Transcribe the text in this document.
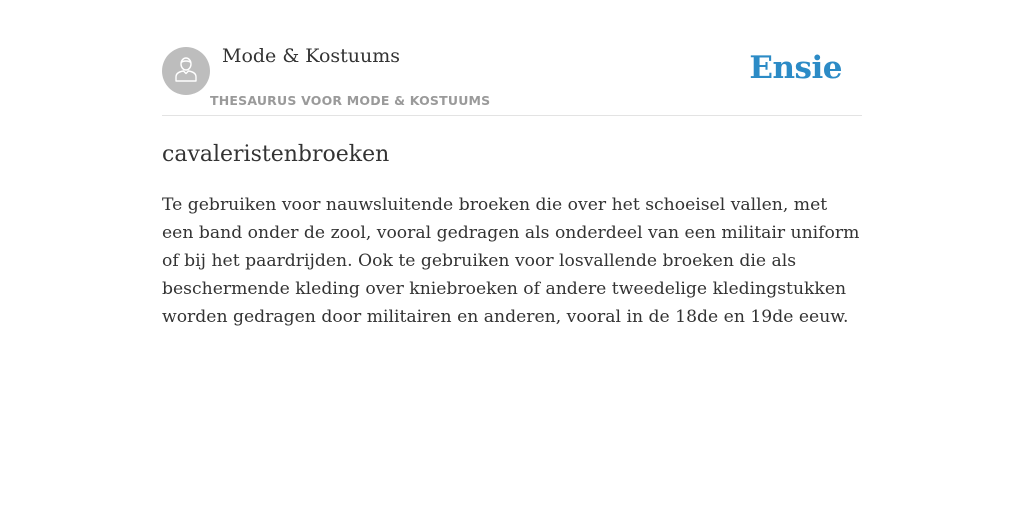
Mode & Kostuums
THESAURUS VOOR MODE & KOSTUUMS
Ensie
cavaleristenbroeken

Te gebruiken voor nauwsluitende broeken die over het schoeisel vallen, met een band onder de zool, vooral gedragen als onderdeel van een militair uniform of bij het paardrijden. Ook te gebruiken voor losvallende broeken die als beschermende kleding over kniebroeken of andere tweedelige kledingstukken worden gedragen door militairen en anderen, vooral in de 18de en 19de eeuw.
